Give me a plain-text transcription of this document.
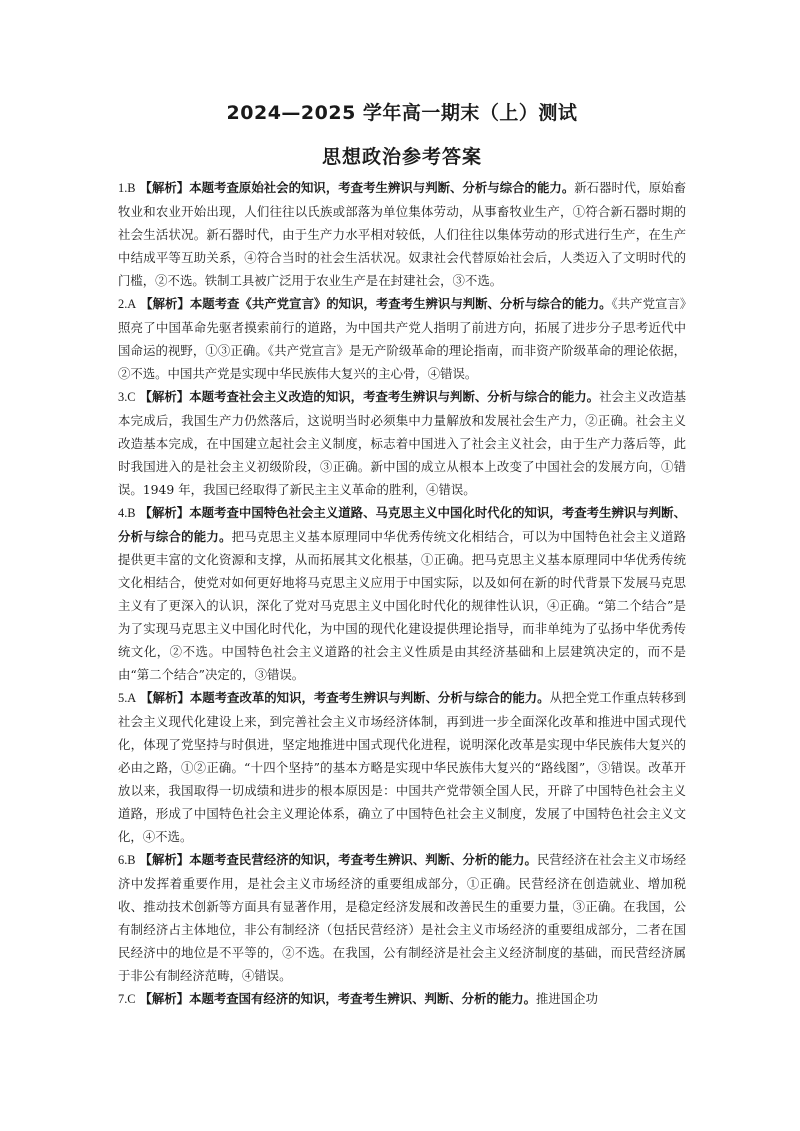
2024—2025 学年高一期末（上）测试
思想政治参考答案

1.B 【解析】本题考查原始社会的知识，考查考生辨识与判断、分析与综合的能力。新石器时代，原始畜牧业和农业开始出现，人们往往以氏族或部落为单位集体劳动，从事畜牧业生产，①符合新石器时期的社会生活状况。新石器时代，由于生产力水平相对较低，人们往往以集体劳动的形式进行生产，在生产中结成平等互助关系，④符合当时的社会生活状况。奴隶社会代替原始社会后，人类迈入了文明时代的门槛，②不选。铁制工具被广泛用于农业生产是在封建社会，③不选。

2.A 【解析】本题考查《共产党宣言》的知识，考查考生辨识与判断、分析与综合的能力。《共产党宣言》照亮了中国革命先驱者摸索前行的道路，为中国共产党人指明了前进方向，拓展了进步分子思考近代中国命运的视野，①③正确。《共产党宣言》是无产阶级革命的理论指南，而非资产阶级革命的理论依据，②不选。中国共产党是实现中华民族伟大复兴的主心骨，④错误。

3.C 【解析】本题考查社会主义改造的知识，考查考生辨识与判断、分析与综合的能力。社会主义改造基本完成后，我国生产力仍然落后，这说明当时必须集中力量解放和发展社会生产力，②正确。社会主义改造基本完成，在中国建立起社会主义制度，标志着中国进入了社会主义社会，由于生产力落后等，此时我国进入的是社会主义初级阶段，③正确。新中国的成立从根本上改变了中国社会的发展方向，①错误。1949 年，我国已经取得了新民主主义革命的胜利，④错误。

4.B 【解析】本题考查中国特色社会主义道路、马克思主义中国化时代化的知识，考查考生辨识与判断、分析与综合的能力。把马克思主义基本原理同中华优秀传统文化相结合，可以为中国特色社会主义道路提供更丰富的文化资源和支撑，从而拓展其文化根基，①正确。把马克思主义基本原理同中华优秀传统文化相结合，使党对如何更好地将马克思主义应用于中国实际，以及如何在新的时代背景下发展马克思主义有了更深入的认识，深化了党对马克思主义中国化时代化的规律性认识，④正确。“第二个结合”是为了实现马克思主义中国化时代化，为中国的现代化建设提供理论指导，而非单纯为了弘扬中华优秀传统文化，②不选。中国特色社会主义道路的社会主义性质是由其经济基础和上层建筑决定的，而不是由“第二个结合”决定的，③错误。

5.A 【解析】本题考查改革的知识，考查考生辨识与判断、分析与综合的能力。从把全党工作重点转移到社会主义现代化建设上来，到完善社会主义市场经济体制，再到进一步全面深化改革和推进中国式现代化，体现了党坚持与时俱进，坚定地推进中国式现代化进程，说明深化改革是实现中华民族伟大复兴的必由之路，①②正确。“十四个坚持”的基本方略是实现中华民族伟大复兴的“路线图”，③错误。改革开放以来，我国取得一切成绩和进步的根本原因是：中国共产党带领全国人民，开辟了中国特色社会主义道路，形成了中国特色社会主义理论体系，确立了中国特色社会主义制度，发展了中国特色社会主义文化，④不选。

6.B 【解析】本题考查民营经济的知识，考查考生辨识、判断、分析的能力。民营经济在社会主义市场经济中发挥着重要作用，是社会主义市场经济的重要组成部分，①正确。民营经济在创造就业、增加税收、推动技术创新等方面具有显著作用，是稳定经济发展和改善民生的重要力量，③正确。在我国，公有制经济占主体地位，非公有制经济（包括民营经济）是社会主义市场经济的重要组成部分，二者在国民经济中的地位是不平等的，②不选。在我国，公有制经济是社会主义经济制度的基础，而民营经济属于非公有制经济范畴，④错误。

7.C 【解析】本题考查国有经济的知识，考查考生辨识、判断、分析的能力。推进国企功
